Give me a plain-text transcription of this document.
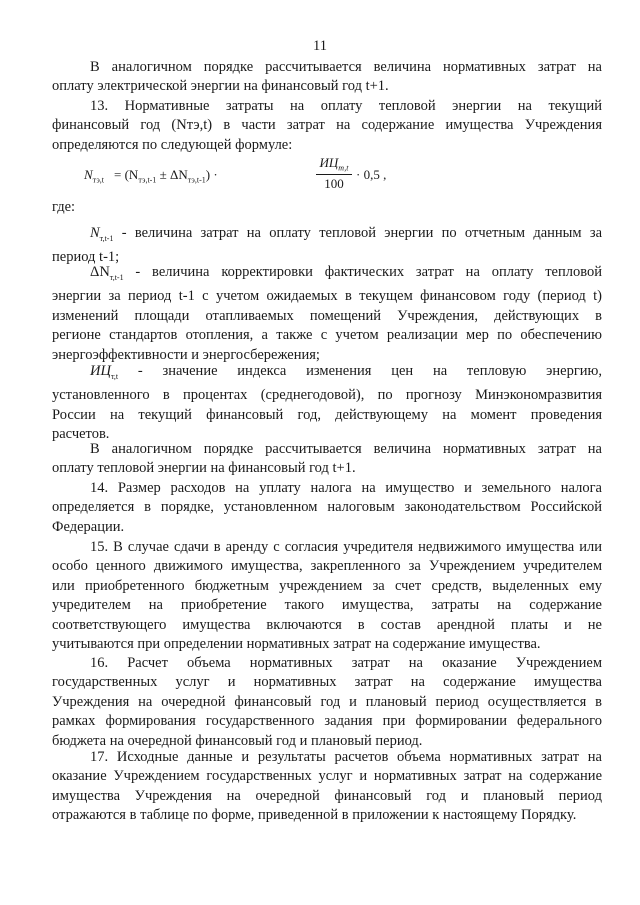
11
В аналогичном порядке рассчитывается величина нормативных затрат на
оплату электрической энергии на финансовый год t+1.
13. Нормативные затраты на оплату тепловой энергии на текущий
финансовый год (Nтэ,t) в части затрат на содержание имущества Учреждения
определяются по следующей формуле:
$N_{тэ,t} = (N_{тэ,t-1} \pm \Delta N_{тэ,t-1})$ ·
$ИЦ_{т,t}$
100
· 0,5 ,
где:
$N_{т,t-1}$ - величина затрат на оплату тепловой энергии по отчетным данным за
период t-1;
$\Delta N_{т,t-1}$ - величина корректировки фактических затрат на оплату тепловой
энергии за период t-1 с учетом ожидаемых в текущем финансовом году (период t)
изменений площади отапливаемых помещений Учреждения, действующих в
регионе стандартов отопления, а также с учетом реализации мер по обеспечению
энергоэффективности и энергосбережения;
$ИЦ_{т,t}$ - значение индекса изменения цен на тепловую энергию,
установленного в процентах (среднегодовой), по прогнозу Минэкономразвития
России на текущий финансовый год, действующему на момент проведения
расчетов.
В аналогичном порядке рассчитывается величина нормативных затрат на
оплату тепловой энергии на финансовый год t+1.
14. Размер расходов на уплату налога на имущество и земельного налога
определяется в порядке, установленном налоговым законодательством Российской
Федерации.
15. В случае сдачи в аренду с согласия учредителя недвижимого имущества или
особо ценного движимого имущества, закрепленного за Учреждением учредителем
или приобретенного бюджетным учреждением за счет средств, выделенных ему
учредителем на приобретение такого имущества, затраты на содержание
соответствующего имущества включаются в состав арендной платы и не
учитываются при определении нормативных затрат на содержание имущества.
16. Расчет объема нормативных затрат на оказание Учреждением
государственных услуг и нормативных затрат на содержание имущества
Учреждения на очередной финансовый год и плановый период осуществляется в
рамках формирования государственного задания при формировании федерального
бюджета на очередной финансовый год и плановый период.
17. Исходные данные и результаты расчетов объема нормативных затрат на
оказание Учреждением государственных услуг и нормативных затрат на содержание
имущества Учреждения на очередной финансовый год и плановый период
отражаются в таблице по форме, приведенной в приложении к настоящему Порядку.
